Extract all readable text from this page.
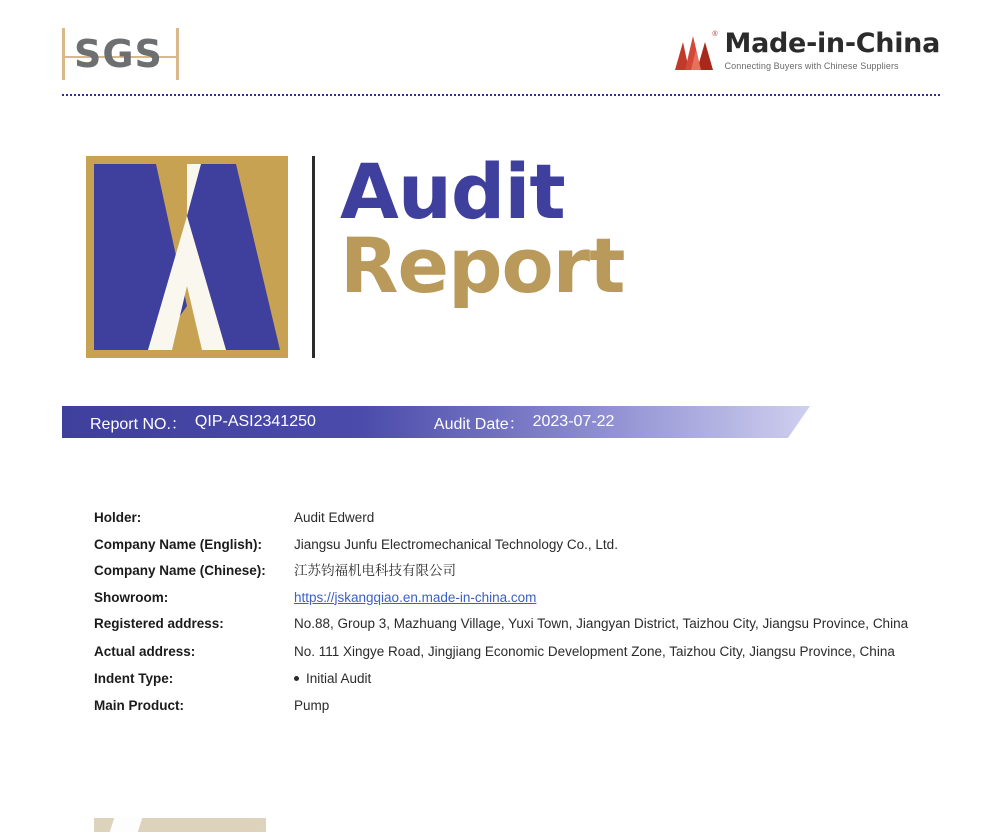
SGS	® Made-in-China
Connecting Buyers with Chinese Suppliers
Audit
Report
Report NO.： QIP-ASI2341250	Audit Date： 2023-07-22
Holder:	Audit Edwerd
Company Name (English):	Jiangsu Junfu Electromechanical Technology Co., Ltd.
Company Name (Chinese):	江苏钧福机电科技有限公司
Showroom:	https://jskangqiao.en.made-in-china.com
Registered address:	No.88, Group 3, Mazhuang Village, Yuxi Town, Jiangyan District, Taizhou City, Jiangsu Province, China
Actual address:	No. 111 Xingye Road, Jingjiang Economic Development Zone, Taizhou City, Jiangsu Province, China
Indent Type:	Initial Audit
Main Product:	Pump
